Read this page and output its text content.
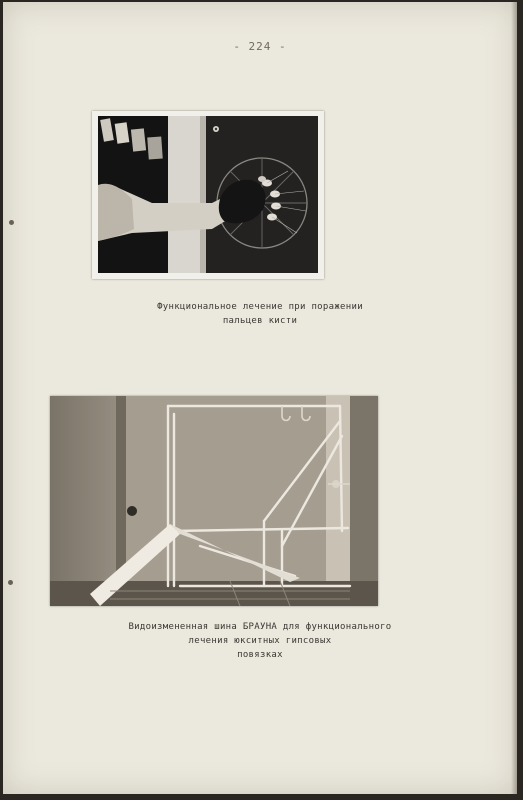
- 224 -
Функциональное лечение при поражении
пальцев кисти
Видоизмененная шина БРАУНА для функционального
лечения юкситных гипсовых
повязках
